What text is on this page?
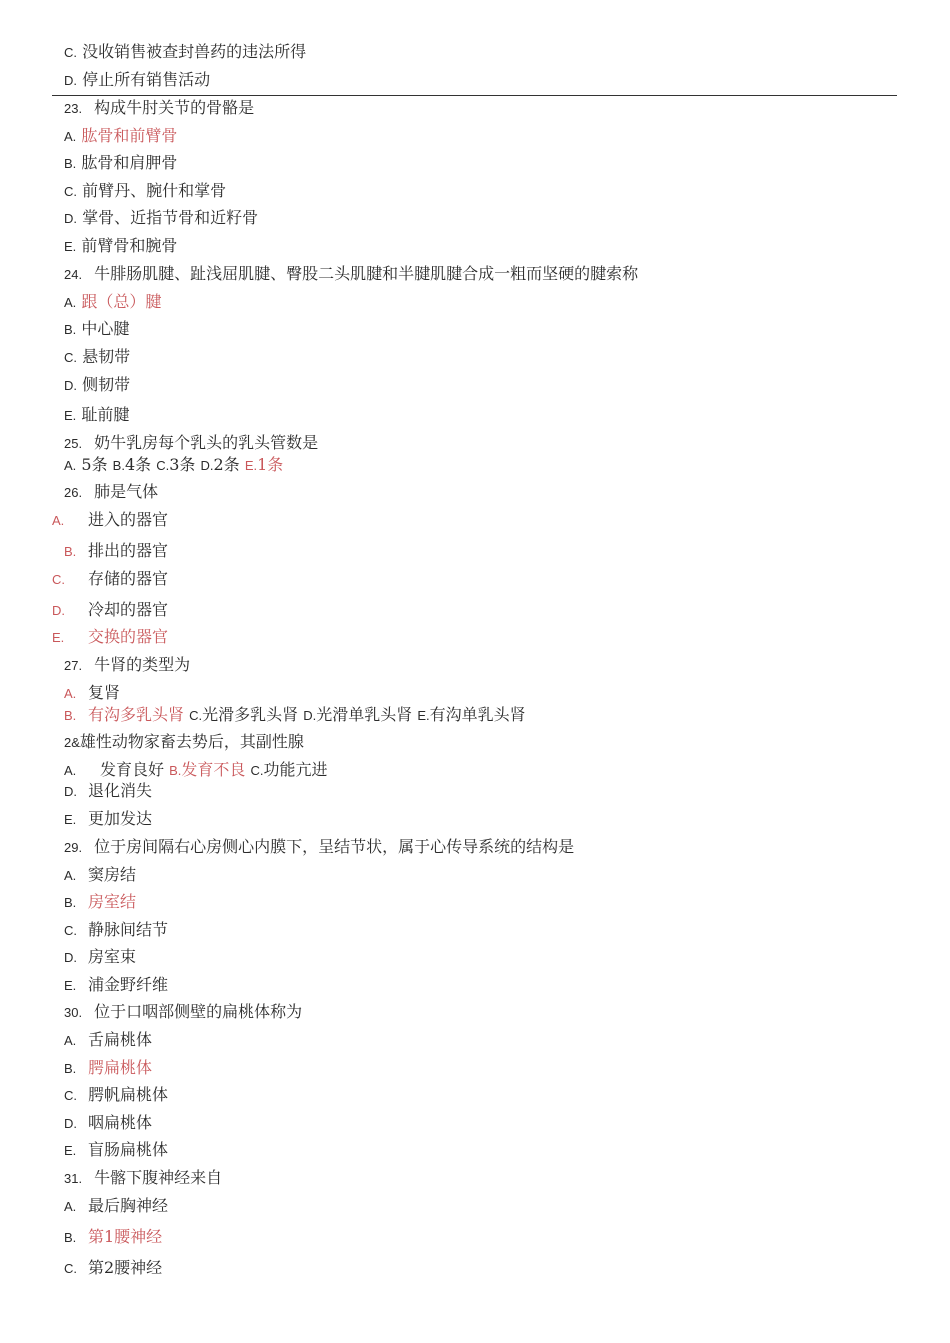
C. 没收销售被查封兽药的违法所得
D. 停止所有销售活动
23. 构成牛肘关节的骨骼是
A. 肱骨和前臂骨
B. 肱骨和肩胛骨
C. 前臂丹、腕什和掌骨
D. 掌骨、近指节骨和近籽骨
E. 前臂骨和腕骨
24. 牛腓肠肌腱、趾浅屈肌腱、臀股二头肌腱和半腱肌腱合成一粗而坚硬的腱索称
A. 跟（总）腱
B. 中心腱
C. 悬韧带
D. 侧韧带
E. 耻前腱
25. 奶牛乳房每个乳头的乳头管数是
A. 5条 B.4条 C.3条 D.2条 E.1条
26. 肺是气体
A. 进入的器官
B. 排出的器官
C. 存储的器官
D. 冷却的器官
E. 交换的器官
27. 牛肾的类型为
A. 复肾
B. 有沟多乳头肾 C.光滑多乳头肾 D.光滑单乳头肾 E.有沟单乳头肾
2&雄性动物家畜去势后，其副性腺
A. 发育良好 B.发育不良 C.功能亢进
D. 退化消失
E. 更加发达
29. 位于房间隔右心房侧心内膜下，呈结节状，属于心传导系统的结构是
A. 窦房结
B. 房室结
C. 静脉间结节
D. 房室束
E. 浦金野纤维
30. 位于口咽部侧壁的扁桃体称为
A. 舌扁桃体
B. 腭扁桃体
C. 腭帆扁桃体
D. 咽扁桃体
E. 盲肠扁桃体
31. 牛髂下腹神经来自
A. 最后胸神经
B. 第1腰神经
C. 第2腰神经
